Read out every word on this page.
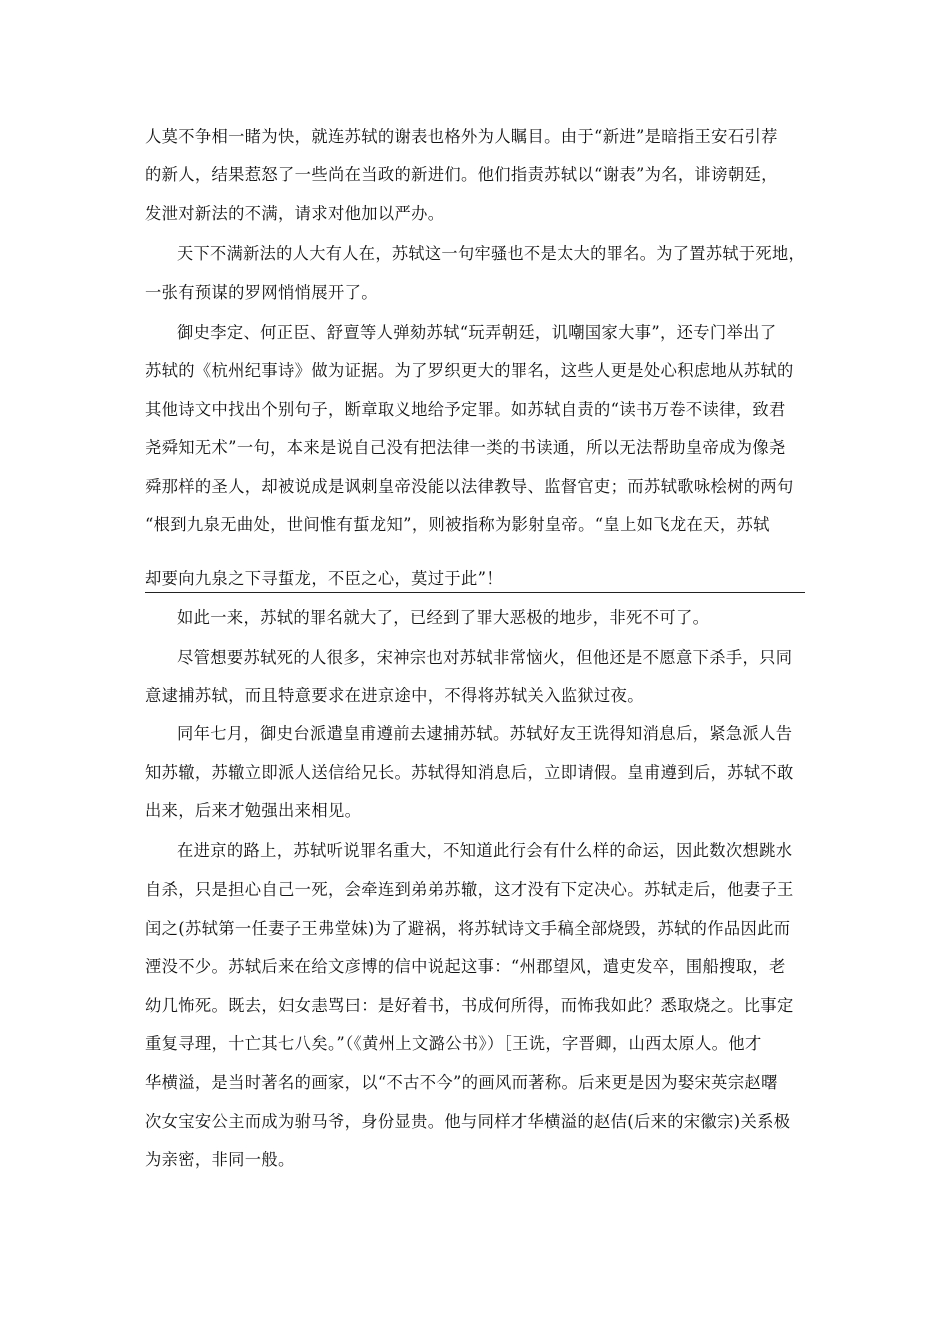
人莫不争相一睹为快，就连苏轼的谢表也格外为人瞩目。由于“新进”是暗指王安石引荐
的新人，结果惹怒了一些尚在当政的新进们。他们指责苏轼以“谢表”为名，诽谤朝廷，
发泄对新法的不满，请求对他加以严办。
天下不满新法的人大有人在，苏轼这一句牢骚也不是太大的罪名。为了置苏轼于死地，
一张有预谋的罗网悄悄展开了。
御史李定、何正臣、舒亶等人弹劾苏轼“玩弄朝廷，讥嘲国家大事”，还专门举出了
苏轼的《杭州纪事诗》做为证据。为了罗织更大的罪名，这些人更是处心积虑地从苏轼的
其他诗文中找出个别句子，断章取义地给予定罪。如苏轼自责的“读书万卷不读律，致君
尧舜知无术”一句，本来是说自己没有把法律一类的书读通，所以无法帮助皇帝成为像尧
舜那样的圣人，却被说成是讽刺皇帝没能以法律教导、监督官吏；而苏轼歌咏桧树的两句
“根到九泉无曲处，世间惟有蜇龙知”，则被指称为影射皇帝。“皇上如飞龙在天，苏轼
却要向九泉之下寻蜇龙，不臣之心，莫过于此”！
如此一来，苏轼的罪名就大了，已经到了罪大恶极的地步，非死不可了。
尽管想要苏轼死的人很多，宋神宗也对苏轼非常恼火，但他还是不愿意下杀手，只同
意逮捕苏轼，而且特意要求在进京途中，不得将苏轼关入监狱过夜。
同年七月，御史台派遣皇甫遵前去逮捕苏轼。苏轼好友王诜得知消息后，紧急派人告
知苏辙，苏辙立即派人送信给兄长。苏轼得知消息后，立即请假。皇甫遵到后，苏轼不敢
出来，后来才勉强出来相见。
在进京的路上，苏轼听说罪名重大，不知道此行会有什么样的命运，因此数次想跳水
自杀，只是担心自己一死，会牵连到弟弟苏辙，这才没有下定决心。苏轼走后，他妻子王
闰之(苏轼第一任妻子王弗堂妹)为了避祸，将苏轼诗文手稿全部烧毁，苏轼的作品因此而
湮没不少。苏轼后来在给文彦博的信中说起这事：“州郡望风，遣吏发卒，围船搜取，老
幼几怖死。既去，妇女恚骂曰：是好着书，书成何所得，而怖我如此？悉取烧之。比事定
重复寻理，十亡其七八矣。”（《黄州上文潞公书》）［王诜，字晋卿，山西太原人。他才
华横溢，是当时著名的画家，以“不古不今”的画风而著称。后来更是因为娶宋英宗赵曙
次女宝安公主而成为驸马爷，身份显贵。他与同样才华横溢的赵佶(后来的宋徽宗)关系极
为亲密，非同一般。
